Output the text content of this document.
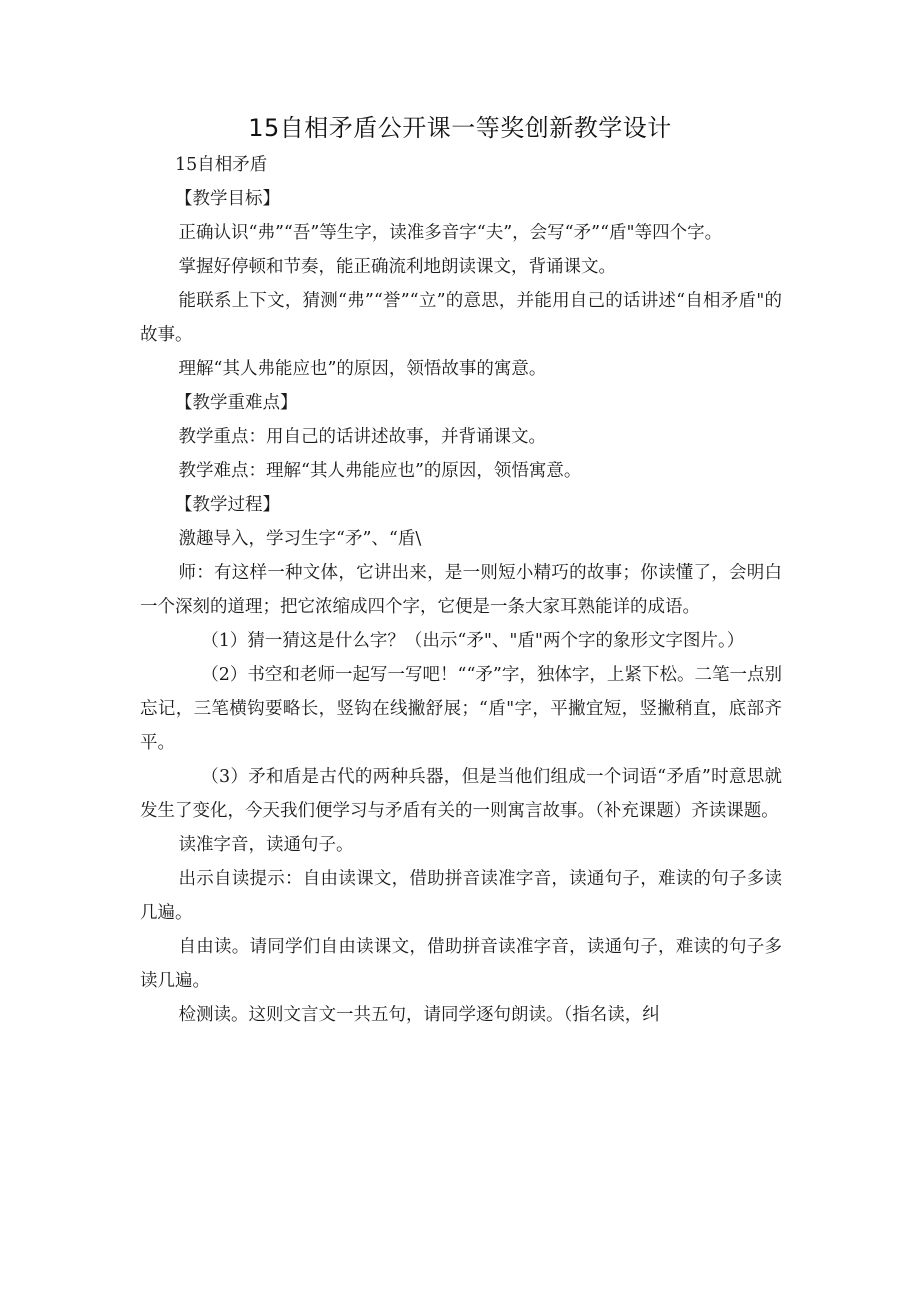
15自相矛盾公开课一等奖创新教学设计

15自相矛盾

【教学目标】

正确认识“弗”“吾”等生字，读准多音字“夫”，会写“矛”“盾"等四个字。

掌握好停顿和节奏，能正确流利地朗读课文，背诵课文。

能联系上下文，猜测“弗”“誉”“立”的意思，并能用自己的话讲述“自相矛盾"的故事。

理解“其人弗能应也”的原因，领悟故事的寓意。

【教学重难点】

教学重点：用自己的话讲述故事，并背诵课文。

教学难点：理解“其人弗能应也”的原因，领悟寓意。

【教学过程】

激趣导入，学习生字“矛”、“盾\

师：有这样一种文体，它讲出来，是一则短小精巧的故事；你读懂了，会明白一个深刻的道理；把它浓缩成四个字，它便是一条大家耳熟能详的成语。

（1）猜一猜这是什么字？（出示“矛"、"盾"两个字的象形文字图片。）

（2）书空和老师一起写一写吧！““矛”字，独体字，上紧下松。二笔一点别忘记，三笔横钩要略长，竖钩在线撇舒展；“盾"字，平撇宜短，竖撇稍直，底部齐平。

（3）矛和盾是古代的两种兵器，但是当他们组成一个词语“矛盾”时意思就发生了变化，今天我们便学习与矛盾有关的一则寓言故事。（补充课题）齐读课题。

读准字音，读通句子。

出示自读提示：自由读课文，借助拼音读准字音，读通句子，难读的句子多读几遍。

自由读。请同学们自由读课文，借助拼音读准字音，读通句子，难读的句子多读几遍。

检测读。这则文言文一共五句，请同学逐句朗读。（指名读，纠
